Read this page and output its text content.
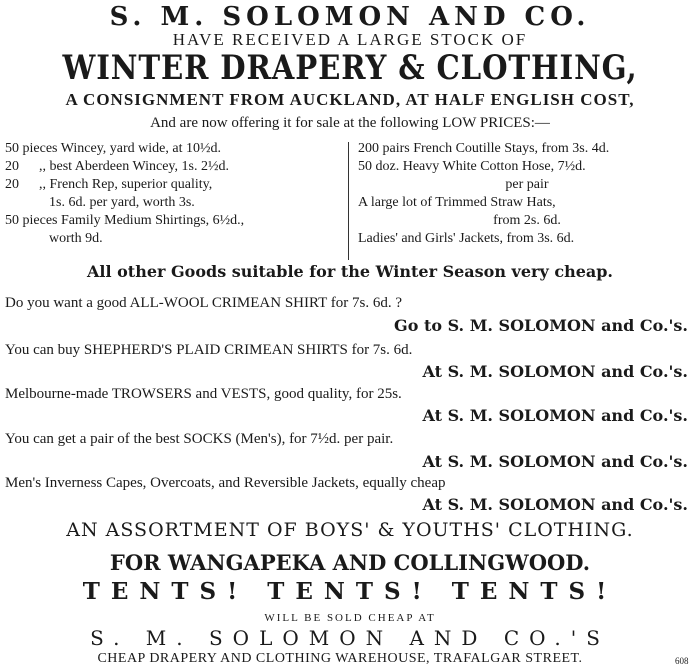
S. M. SOLOMON AND CO.
HAVE RECEIVED A LARGE STOCK OF
WINTER DRAPERY & CLOTHING,
A CONSIGNMENT FROM AUCKLAND, AT HALF ENGLISH COST,
And are now offering it for sale at the following LOW PRICES:—
50 pieces Wincey, yard wide, at 10½d.
20 ,, best Aberdeen Wincey, 1s. 2½d.
20 ,, French Rep, superior quality,
1s. 6d. per yard, worth 3s.
50 pieces Family Medium Shirtings, 6½d.,
worth 9d.
200 pairs French Coutille Stays, from 3s. 4d.
50 doz. Heavy White Cotton Hose, 7½d.
per pair
A large lot of Trimmed Straw Hats,
from 2s. 6d.
Ladies' and Girls' Jackets, from 3s. 6d.
All other Goods suitable for the Winter Season very cheap.
Do you want a good ALL-WOOL CRIMEAN SHIRT for 7s. 6d. ?
Go to S. M. SOLOMON and Co.'s.
You can buy SHEPHERD'S PLAID CRIMEAN SHIRTS for 7s. 6d.
At S. M. SOLOMON and Co.'s.
Melbourne-made TROWSERS and VESTS, good quality, for 25s.
At S. M. SOLOMON and Co.'s.
You can get a pair of the best SOCKS (Men's), for 7½d. per pair.
At S. M. SOLOMON and Co.'s.
Men's Inverness Capes, Overcoats, and Reversible Jackets, equally cheap
At S. M. SOLOMON and Co.'s.
AN ASSORTMENT OF BOYS' & YOUTHS' CLOTHING.
FOR WANGAPEKA AND COLLINGWOOD.
TENTS! TENTS! TENTS!
WILL BE SOLD CHEAP AT
S. M. SOLOMON AND CO.'S
CHEAP DRAPERY AND CLOTHING WAREHOUSE, TRAFALGAR STREET.	608
